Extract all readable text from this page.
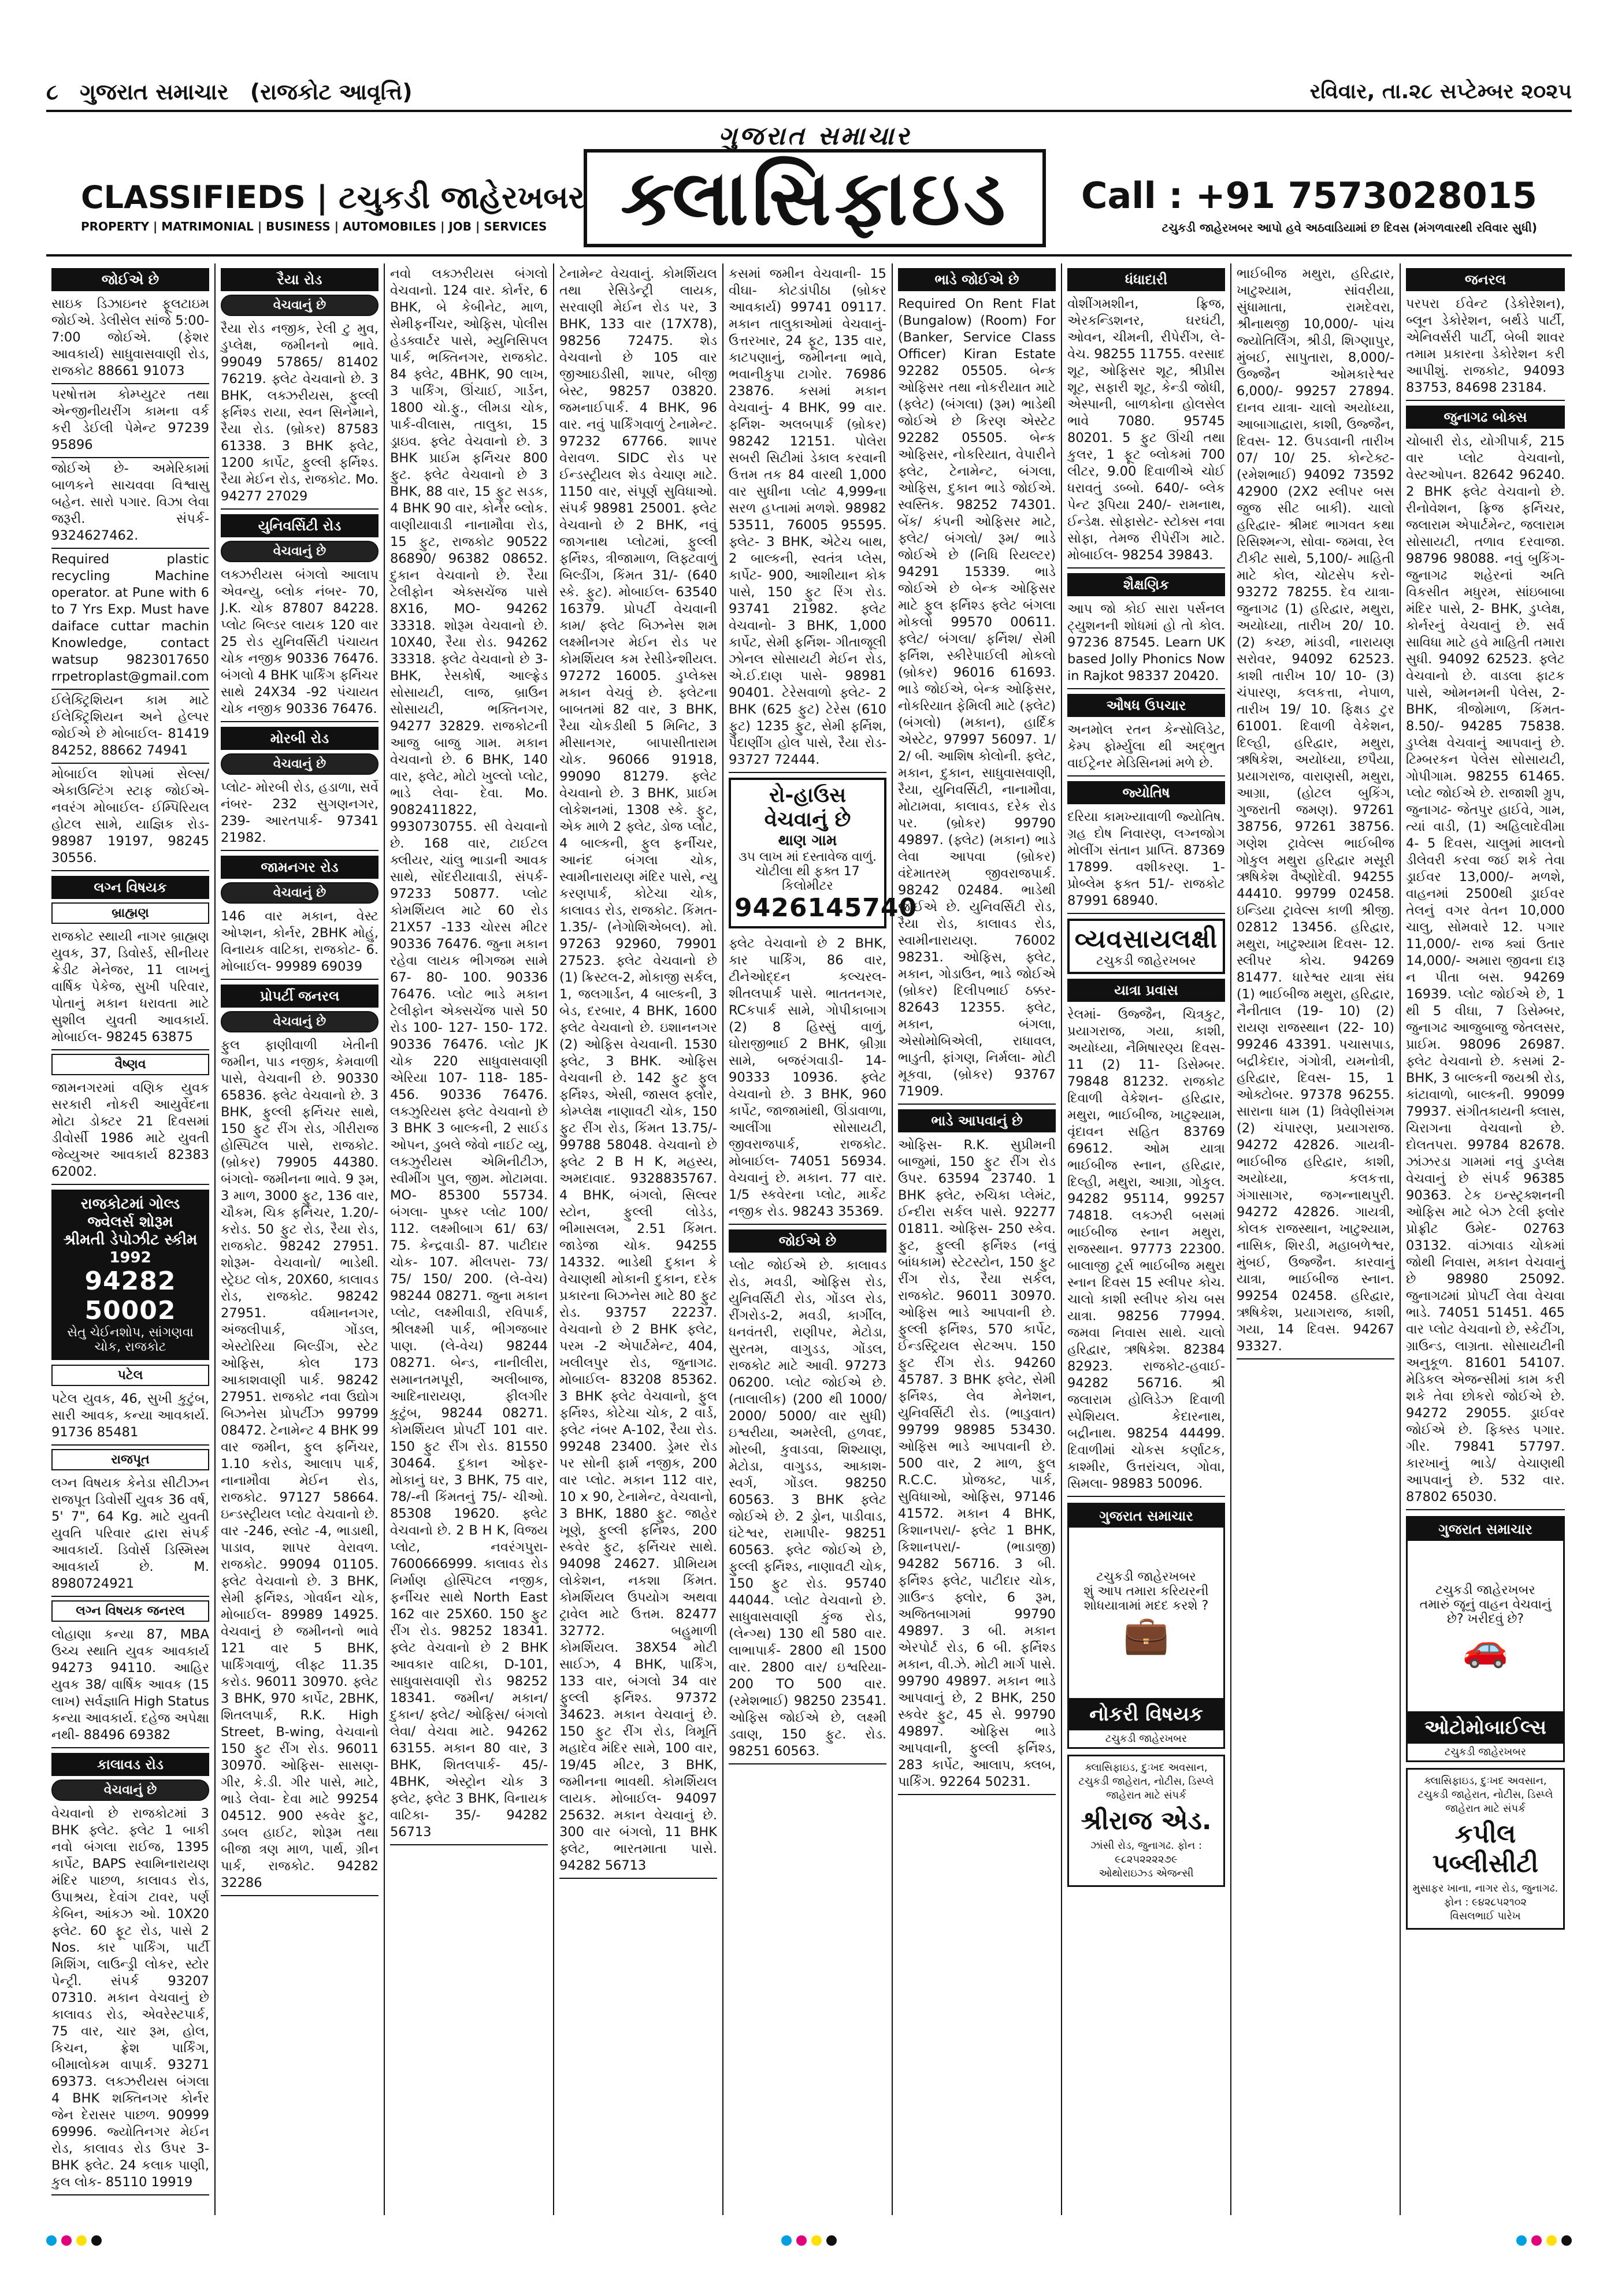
૮ ગુજરાત સમાચાર (રાજકોટ આવૃત્તિ)	રવિવાર, તા.૨૮ સપ્ટેમ્બર ૨૦૨૫
ગુજરાત સમાચાર
ક્લાસિફાઇડ
CLASSIFIEDS | ટચુકડી જાહેરખબર
PROPERTY | MATRIMONIAL | BUSINESS | AUTOMOBILES | JOB | SERVICES
Call : +91 7573028015
ટચુકડી જાહેરખબર આપો હવે અઠવાડિયામાં છ દિવસ (મંગળવારથી રવિવાર સુધી)
જોઈએ છે

સાઇક ડિઝાઇનર ફૂલટાઇમ જોઈએ. ડેલીસેલ સાંજે 5:00-7:00 જોઈએ. (ફેશર આવકાર્ય) સાધુવાસવાણી રોડ, રાજકોટ 88661 91073

પરષોત્તમ કોમ્પ્યુટર તથા એન્જીનીયરીંગ કામના વર્ક કરી ડેઈલી પેમેન્ટ 97239 95896

જોઈએ છે- અમેરિકામાં બાળકને સાચવવા વિશ્વાસુ બહેન. સારો પગાર. વિઝા લેવા જરૂરી. સંપર્ક- 9324627462.

Required plastic recycling Machine operator. at Pune with 6 to 7 Yrs Exp. Must have daiface cuttar machin Knowledge, contact watsup 9823017650 rrpetroplast@gmail.com

ઈલેક્ટ્રિશિયન કામ માટે ઈલેક્ટ્રિશિયન અને હેલ્પર જોઈએ છે મોબાઈલ- 81419 84252, 88662 74941

મોબાઈલ શોપમાં સેલ્સ/એકાઉન્ટિંગ સ્ટાફ જોઈએ- નવરંગ મોબાઈલ- ઈમ્પિરિયલ હોટલ સામે, યાજ્ઞિક રોડ- 98987 19197, 98245 30556.

લગ્ન વિષયક
બ્રાહ્મણ

રાજકોટ સ્થાયી નાગર બ્રાહ્મણ યુવક, 37, ડિવોર્સ્ડ, સીનીયર ક્રેડીટ મેનેજર, 11 લાખનું વાર્ષિક પેકેજ, સુખી પરિવાર, પોતાનું મકાન ધરાવતા માટે સુશીલ યુવતી આવકાર્ય. મોબાઈલ- 98245 63875

વૈષ્ણવ

જામનગરમાં વણિક યુવક સરકારી નોકરી આયુર્વેદના મોટા ડોક્ટર 21 દિવસમાં ડીવોર્સી 1986 માટે યુવતી જેવ્યુઅર આવકાર્ય 82383 62002.

રાજકોટમાં ગોલ્ડ જ્વેલર્સ શોરૂમ
શ્રીમતી ડેપોઝીટ સ્કીમ 1992
94282 50002
સેતુ ચેઈનશોપ, સાંગણવા ચોક, રાજકોટ
પટેલ

પટેલ યુવક, 46, સુખી કુટુંબ, સારી આવક, કન્યા આવકાર્ય. 91736 85481

રાજપૂત

લગ્ન વિષયક કેનેડા સીટીઝન રાજપૂત ડિવોર્સી યુવક 36 વર્ષ, 5' 7", 64 Kg. માટે યુવતી યુવતિ પરિવાર દ્વારા સંપર્ક આવકાર્ય. ડિવોર્સ ડિસ્મિસ્મ આવકાર્ય છે. M. 8980724921

લગ્ન વિષયક જનરલ

લોહાણા કન્યા 87, MBA ઉચ્ચ સ્થાતિ યુવક આવકાર્ય 94273 94110. આહિર યુવક 38/ વાર્ષિક આવક (15 લાખ) સર્વજ્ઞાતિ High Status કન્યા આવકાર્ય. દહેજ અપેક્ષા નથી- 88496 69382

કાલાવડ રોડ
વેચવાનું છે

વેચવાનો છે રાજકોટમાં 3 BHK ફ્લેટ. ફ્લેટ 1 બાકી નવો બંગલા રાઈજ, 1395 કાર્પેટ, BAPS સ્વામિનારાયણ મંદિર પાછળ, કાલાવડ રોડ, ઉપાશ્રય, દેવાંગ ટાવર, પર્ણ કેબિન, આંકઝ ઓ. 10X20 ફ્લેટ. 60 ફૂટ રોડ, પાસે 2 Nos. કાર પાર્કિંગ, પાર્ટી મિશિંગ, લાઉન્ડ્રી લોકર, સ્ટોર પેન્ટ્રી. સંપર્ક 93207 07310. મકાન વેચવાનું છે કાલાવડ રોડ, એવરેસ્ટપાર્ક, 75 વાર, ચાર રૂમ, હોલ, કિચન, ફ્રેશ પાર્કિંગ, બીમાલોકમ વાપાર્ક. 93271 69373. લક્ઝરીયસ બંગલા 4 BHK શક્તિનગર કોર્નર જેન દેરાસર પાછળ. 90999 69996. જ્યોતિનગર મેઈન રોડ, કાલાવડ રોડ ઉપર 3- BHK ફ્લેટ. 24 કલાક પાણી, કુલ લોક- 85110 19919

રૈયા રોડ
વેચવાનું છે

રૈયા રોડ નજીક, રેલી ટુ મુવ, ડુપ્લેક્ષ, જમીનનો ભાવે. 99049 57865/ 81402 76219. ફ્લેટ વેચવાનો છે. 3 BHK, લક્ઝરીયસ, ફુલ્લી ફર્નિશ્ડ રાયા, સ્વન સિનેમાને, રૈયા રોડ. (બ્રોકર) 87583 61338. 3 BHK ફ્લેટ, 1200 કાર્પેટ, ફુલ્લી ફર્નિશ્ડ. રૈયા મેઈન રોડ, રાજકોટ. Mo. 94277 27029

યુનિવર્સિટી રોડ
વેચવાનું છે

લક્ઝરીયસ બંગલો આલાપ એવન્યુ, બ્લોક નંબર- 70, J.K. ચોક 87807 84228. પ્લોટ બિલ્ડર લાયક 120 વાર 25 રોડ યુનિવર્સિટી પંચાયત ચોક નજીક 90336 76476. બંગલો 4 BHK પાર્કિંગ ફર્નિચર સાથે 24X34 -92 પંચાયત ચોક નજીક 90336 76476.

મોરબી રોડ
વેચવાનું છે

પ્લોટ- મોરબી રોડ, હડાળા, સર્વે નંબર- 232 સુગણનગર, 239- આરતપાર્ક- 97341 21982.

જામનગર રોડ
વેચવાનું છે

146 વાર મકાન, વેસ્ટ ઓપ્શન, કોર્નર, 2BHK મોહું, વિનાયક વાટિકા, રાજકોટ- 6. મોબાઈલ- 99989 69039

પ્રોપર્ટી જનરલ
વેચવાનું છે

ફુલ ફાણીવાળી ખેતીની જમીન, પાડ નજીક, કેમવાળી પાસે, વેચવાની છે. 90330 65836. ફ્લેટ વેચવાનો છે. 3 BHK, ફુલ્લી ફર્નિચર સાથે, 150 ફુટ રીંગ રોડ, ગીરીરાજ હોસ્પિટલ પાસે, રાજકોટ. (બ્રોકર) 79905 44380. બંગલો- જમીનના ભાવે. 9 રૂમ, 3 માળ, 3000 ફુટ, 136 વાર, ચૌકમ, ચિક ફર્નિચર, 1.20/- કરોડ. 50 ફુટ રોડ, રૈયા રોડ, રાજકોટ. 98242 27951. શોરૂમ- વેચવાનો/ ભાડેથી. સ્ટ્રેઇટ લોક, 20X60, કાલાવડ રોડ, રાજકોટ. 98242 27951. વર્ધમાનનગર, અંજલીપાર્ક, ગોંડલ, એસ્ટોરિયા બિલ્ડીંગ, સ્ટેટ ઓફિસ, કોલ 173 આકાશવાણી પાર્ક. 98242 27951. રાજકોટ નવા ઉદ્યોગ બિઝનેસ પ્રોપર્ટીઝ 99799 08472. ટેનામેન્ટ 4 BHK 99 વાર જમીન, ફુલ ફર્નિચર, 1.10 કરોડ, આલાપ પાર્ક, નાનામૌવા મેઈન રોડ, રાજકોટ. 97127 58664. ઇન્ડસ્ટ્રીયલ પ્લોટ વેચવાનો છે. વાર -246, સ્લોટ -4, ભાડાથી, પાડાવ, શાપર વેરાવળ. રાજકોટ. 99094 01105. ફ્લેટ વેચવાનો છે. 3 BHK, સેમી ફર્નિશ્ડ, ગોવર્ધન ચોક, મોબાઈલ- 89989 14925. વેચવાનું છે જમીનનો ભાવે 121 વાર 5 BHK, પાર્કિંગવાળું, લીફ્ટ 11.35 કરોડ. 96011 30970. ફ્લેટ 3 BHK, 970 કાર્પેટ, 2BHK, શિતલપાર્ક, R.K. High Street, B-wing, વેચવાનો 150 ફુટ રીંગ રોડ. 96011 30970. ઓફિસ- સાસણ- ગીર, કે.ડી. ગીર પાસે, માટે, ભાડે લેવા- દેવા માટે 99254 04512. 900 સ્કવેર ફુટ, ડબલ હાઈટ, શોરૂમ તથા બીજા ત્રણ માળ, પાર્થ, ગ્રીન પાર્ક, રાજકોટ. 94282 32286

નવો લક્ઝરીયસ બંગલો વેચવાનો. 124 વાર. કોર્નર, 6 BHK, બે કેબીનેટ, માળ, સેમીફર્નીચર, ઓફિસ, પોલીસ હેડક્વાર્ટર પાસે, મ્યુનિસિપલ પાર્ક, ભક્તિનગર, રાજકોટ. 84 ફ્લેટ, 4BHK, 90 લાખ, 3 પાર્કિંગ, ઊંચાઈ, ગાર્ડન, 1800 ચો.ફુ., લીમડા ચોક, પાર્ક-વીલાસ, તાલુકા, 15 ડ્રાઇવ. ફ્લેટ વેચવાનો છે. 3 BHK પ્રાઈમ ફર્નિચર 800 ફુટ. ફ્લેટ વેચવાનો છે 3 BHK, 88 વાર, 15 ફુટ સડક, 4 BHK 90 વાર, કોર્નર બ્લોક. વાણીયાવાડી નાનામૌવા રોડ, 15 ફુટ, રાજકોટ 90522 86890/ 96382 08652. દુકાન વેચવાનો છે. રૈયા ટેલીફોન એક્સચેંજ પાસે 8X16, MO- 94262 33318. શોરૂમ વેચવાનો છે. 10X40, રૈયા રોડ. 94262 33318. ફ્લેટ વેચવાનો છે 3- BHK, રેસકોર્ષ, આલ્ફ્રેડ સોસાયટી, લાજ, બ્રાઉન સોસાયટી, ભક્તિનગર, 94277 32829. રાજકોટની આજુ બાજુ ગામ. મકાન વેચવાનો છે. 6 BHK, 140 વાર, ફ્લેટ, મોટો ખુલ્લો પ્લોટ, ભાડે લેવા- દેવા. Mo. 9082411822, 9930730755. સી વેચવાનો છે. 168 વાર, ટાઈટલ ક્લીયર, ચાંલુ ભાડાની આવક સાથે, સોંદરીયાવાડી, સંપર્ક- 97233 50877. પ્લોટ કોમર્શિયલ માટે 60 રોડ 21X57 -133 ચોરસ મીટર 90336 76476. જુના મકાન રહેવા લાયક ભીગજમ સામે 67- 80- 100. 90336 76476. પ્લોટ ભાડે મકાન ટેલીફોન એક્સચેંજ પાસે 50 રોડ 100- 127- 150- 172. 90336 76476. પ્લોટ JK ચોક 220 સાધુવાસવાણી એરિયા 107- 118- 185- 456. 90336 76476. લક્ઝુરિયસ ફ્લેટ વેચવાનો છે 3 BHK 3 બાલ્કની, 2 સાઈડ ઓપન, ડુબલે જેવો નાઈટ વ્યુ, લક્ઝુરીયસ એમિનીટીઝ, સ્વીમીંગ પુલ, જીમ. મોટામવા. MO- 85300 55734. બંગલા- પુષ્કર પ્લોટ 100/ 112. લક્ષ્મીબાગ 61/ 63/ 75. કેન્દ્રવાડી- 87. પાટીદાર ચોક- 107. મીલપરા- 73/ 75/ 150/ 200. (લે-વેચ) 98244 08271. જુના મકાન પ્લોટ, લક્ષ્મીવાડી, રવિપાર્ક, શ્રીલક્ષ્મી પાર્ક, ભીગજબાર પાણ. (લે-વેચ) 98244 08271. બેન્ડ, નાનીલીરા, સમાનતમપૂરી, અલીબાજ, આદિનારાયણ, ફીલગીર કુટુંબ, 98244 08271. કોમર્શિયલ પ્રોપર્ટી 101 વાર. 150 ફુટ રીંગ રોડ. 81550 30464. દુકાન ઓફર- મોકાનું ઘર, 3 BHK, 75 વાર, 78/-ની કિંમતનું 75/- ચીઓ. 85308 19620. ફ્લેટ વેચવાનો છે. 2 B H K, વિજય પ્લોટ, નવરંગપુરા- 7600666999. કાલાવડ રોડ નિર્માણ હોસ્પિટલ નજીક, ફર્નીચર સાથે North East 162 વાર 25X60. 150 ફુટ રીંગ રોડ. 98252 18341. ફ્લેટ વેચવાનો છે 2 BHK આવકાર વાટિકા, D-101, સાધુવાસવાણી રોડ 98252 18341. જમીન/ મકાન/ દુકાન/ ફ્લેટ/ ઓફિસ/ બંગલો લેવા/ વેચવા માટે. 94262 63155. મકાન 80 વાર, 3 BHK, શિતલપાર્ક- 45/- 4BHK, એસ્ટ્રોન ચોક 3 ફ્લેટ, ફ્લેટ 3 BHK, વિનાયક વાટિકા- 35/- 94282 56713

ટેનામેન્ટ વેચવાનું. કોમર્શિયલ તથા રેસિડેન્ટ્રી લાયક, સરવાણી મેઈન રોડ પર, 3 BHK, 133 વાર (17X78), 98256 72475. શેડ વેચવાનો છે 105 વાર જીઆઇડીસી, શાપર, બીજી બેસ્ટ, 98257 03820. જમનાઈપાર્ક. 4 BHK, 96 વાર. નવું પાર્કિંગવાળું ટેનામેન્ટ. 97232 67766. શાપર વેરાવળ. SIDC રોડ પર ઈન્ડસ્ટ્રીયલ શેડ વેચાણ માટે. 1150 વાર, સંપૂર્ણ સુવિધાઓ. સંપર્ક 98981 25001. ફ્લેટ વેચવાનો છે 2 BHK, નવું જાગનાથ પ્લોટમાં, ફુલ્લી ફર્નિશ્ડ, ત્રીજામાળ, લિફ્ટવાળું બિલ્ડીંગ, કિંમત 31/- (640 સ્કે. ફુટ). મોબાઈલ- 63540 16379. પ્રોપર્ટી વેચવાની કામ/ ફ્લેટ બિઝનેસ શમ લક્ષ્મીનગર મેઈન રોડ પર કોમર્શિયલ કમ રેસીડેન્શીયલ. 97272 16005. ડુપ્લેક્સ મકાન વેચવું છે. ફ્લેટના બાબતમાં 82 વાર, 3 BHK, રૈયા ચોકડીથી 5 મિનિટ, 3 મીસાનગર, બાપાસીતારામ ચોક. 96066 91918, 99090 81279. ફ્લેટ વેચવાનો છે. 3 BHK, પ્રાઈમ લોકેશનમાં, 1308 સ્કે. ફુટ, એક માળે 2 ફ્લેટ, ડોજ પ્લોટ, 4 બાલ્કની, ફુલ ફર્નીચર, આનંદ બંગલા ચોક, સ્વામીનારાયણ મંદિર પાસે, ન્યુ કરણપાર્ક, કોટેચા ચોક, કાલાવડ રોડ, રાજકોટ. કિંમત- 1.35/- (નેગોશિએબલ). મો. 97263 92960, 79901 27523. ફ્લેટ વેચવાનો છે (1) ક્રિસ્ટલ-2, મોકાજી સર્કલ, 1, જલગાર્ડન, 4 બાલ્કની, 3 બેડ, દરબાર, 4 BHK, 1600 ફ્લેટ વેચવાનો છે. ઇશાનનગર (2) ઓફિસ વેચવાની. 1530 ફ્લેટ, 3 BHK. ઓફિસ વેચવાની છે. 142 ફુટ ફુલ ફર્નિશ્ડ, એસી, જાસલ ફ્લોર, કોમ્પ્લેક્ષ નાણાવટી ચોક, 150 ફુટ રીંગ રોડ, કિંમત 13.75/- 99788 58048. વેચવાનો છે ફ્લેટ 2 B H K, મહસ્ય, અમદાવાદ. 9328835767. 4 BHK, બંગલો, સિલ્વર સ્ટોન, ફુલ્લી લોડેડ, ભીમાસલમ, 2.51 કિંમત. જાડેજા ચોક. 94255 14332. ભાડેથી દુકાન કે વેચાણથી મોકાની દુકાન, દરેક પ્રકારના બિઝનેસ માટે 80 ફુટ રોડ. 93757 22237. વેચવાનો છે 2 BHK ફ્લેટ, પરમ -2 એપાર્ટમેન્ટ, 404, ખલીલપુર રોડ, જુનાગઢ. મોબાઈલ- 83208 85362. 3 BHK ફ્લેટ વેચવાનો, ફુલ ફર્નિશ્ડ, કોટેચા ચોક, 2 વાર્ડ, ફ્લેટ નંબર A-102, રૈયા રોડ. 99248 23400. ડ્રેમર રોડ પર સોની ફાર્મ નજીક, 200 વાર પ્લોટ. મકાન 112 વાર, 10 x 90, ટેનામેન્ટ, વેચવાનો, 3 BHK, 1880 ફુટ. જાહેર ખૂણે, ફુલ્લી ફર્નિશ્ડ, 200 સ્કવેર ફુટ, ફર્નિચર સાથે. 94098 24627. પ્રીમિયમ લોકેશન, નકશા કિંમત. કોમર્શિયલ ઉપયોગ અથવા ટ્રાવેલ માટે ઉત્તમ. 82477 32772. બહુમાળી કોમર્શિયલ. 38X54 મોટી સાઈઝ, 4 BHK, પાર્કિંગ, 133 વાર, બંગલો 34 વાર ફુલ્લી ફર્નિશ્ડ. 97372 34623. મકાન વેચવાનું છે. 150 ફુટ રીંગ રોડ, ત્રિમૂર્તિ મહાદેવ મંદિર સામે, 100 વાર, 19/45 મીટર, 3 BHK, જમીનના ભાવથી. કોમર્શિયલ લાયક. મોબાઈલ- 94097 25632. મકાન વેચવાનું છે. 300 વાર બંગલો, 11 BHK ફ્લેટ, ભારતમાતા પાસે. 94282 56713

કસમાં જમીન વેચવાની- 15 વીઘા- કોટડાંપીઠા (બ્રોકર આવકાર્ય) 99741 09117. મકાન તાલુકાઓમાં વેચવાનું- ઉત્તરખાર, 24 ફૂટ, 135 વાર, કાટપણાનું, જમીનના ભાવે, ભવાનીકુપા ટાગોર. 76986 23876. કસમાં મકાન વેચવાનું- 4 BHK, 99 વાર. ફર્નિશ- અલબપાર્ક (બ્રોકર) 98242 12151. પોલેરા સબરી સિટીમાં ડેકાલ કરવાની ઉત્તમ તક 84 વારથી 1,000 વાર સુધીના પ્લોટ 4,999ના સરળ હપ્તામાં મળશે. 98982 53511, 76005 95595. ફ્લેટ- 3 BHK, એટેચ બાથ, 2 બાલ્કની, સ્વતંત્ર પ્લેસ, કાર્પેટ- 900, આશીયાન કોક પાસે, 150 ફુટ રિંગ રોડ. 93741 21982. ફ્લેટ વેચવાનો- 3 BHK, 1,000 કાર્પેટ, સેમી ફર્નિશ- ગીતાજૂલી ઝોનલ સોસાયટી મેઈન રોડ, એ.ઈ.દાણ પાસે- 98981 90401. ટેરેસવાળો ફ્લેટ- 2 BHK (625 ફુટ) ટેરેસ (610 ફુટ) 1235 ફુટ, સેમી ફર્નિશ, પૈદાણીંગ હોલ પાસે, રૈયા રોડ- 93727 72444.

રો-હાઉસ વેચવાનું છે
થાણ ગામ
૩૫ લાખ માં દસ્તાવેજ વાળું. ચોટીલા થી ફક્ત 17 કિલોમીટર
9426145740

ફ્લેટ વેચવાનો છે 2 BHK, કાર પાર્કિંગ, 86 વાર, ટીનેઓદ્દન કલ્ચરલ- શીતલપાર્ક પાસે. ભાતતનગર, RCકપાર્ક સામે, ગોપીકાબાગ (2) 8 હિસ્સું વાળું, ઘોરાજીભાઈ 2 BHK, બ્રીગ્રા સામે, બજરંગવાડી- 14- 90333 10936. ફ્લેટ વેચવાનો છે. 3 BHK, 960 કાર્પેટ, જાજામાંથી, ઊંડાવાળા, આલીંગા સોસાયટી, જીવરાજપાર્ક, રાજકોટ. મોબાઈલ- 74051 56934. વેચવાનું છે. મકાન. 77 વાર. 1/5 સ્કવેરના પ્લોટ, માર્કેટ નજીક રોડ. 98243 35369.

જોઈએ છે

પ્લોટ જોઈએ છે. કાલાવડ રોડ, મવડી, ઓફિસ રોડ, યુનિવર્સિટી રોડ, ગોંડલ રોડ, રીંગરોડ-2, મવડી, કાર્ગીલ, ધનવંતરી, રાણીપર, મેટોડા, સુરતમ, વાગુડડ, ગોંડલ, રાજકોટ માટે આવી. 97273 06200. પ્લોટ જોઈએ છે. (તાલાલીક) (200 થી 1000/ 2000/ 5000/ વાર સુધી) ઇશ્વરીયા, અમરેલી, હળવદ, મોરબી, કુવાડવા, શિશ્યાણ, મેટોડા, વાગુડડ, આકાશ- સ્વર્ગ, ગોંડલ. 98250 60563. 3 BHK ફ્લેટ જોઈએ છે. 2 ડ્રોન, પાડીવાડ, ઘંટેશ્વર, રામાપીર- 98251 60563. ફ્લેટ જોઈએ છે, ફુલ્લી ફર્નિશ્ડ, નાણાવટી ચોક, 150 ફુટ રોડ. 95740 44044. પ્લોટ વેચવાનો છે. સાધુવાસવાણી કુંજ રોડ, (લેન્ગ્થ) 130 થી 580 વાર. લાભાપાર્ક- 2800 થી 1500 વાર. 2800 વાર/ ઇશ્વરિયા- 200 TO 500 વાર. (રમેશભાઈ) 98250 23541. ઓફિસ જોઈએ છે, લક્ષ્મી ડવાણ, 150 ફુટ. રોડ. 98251 60563.

ભાડે જોઈએ છે

Required On Rent Flat (Bungalow) (Room) For (Banker, Service Class Officer) Kiran Estate 92282 05505. બેન્ક ઓફિસર તથા નોકરીયાત માટે (ફ્લેટ) (બંગલા) (રૂમ) ભાડેથી જોઈએ છે કિરણ એસ્ટેટ 92282 05505. બેન્ક ઓફિસર, નોકરિયાત, વેપારીને ફ્લેટ, ટેનામેન્ટ, બંગલા, ઓફિસ, દુકાન ભાડે જોઈએ. સ્વસ્તિક. 98252 74301. બેંક/ કંપની ઓફિસર માટે, ફ્લેટ/ બંગલો/ રૂમ/ ભાડે જોઈએ છે (નિધિ રિયલ્ટર) 94291 15339. ભાડે જોઈએ છે બેન્ક ઓફિસર માટે ફુલ ફર્નિશ્ડ ફ્લેટ બંગલા મોકલો 99570 00611. ફ્લેટ/ બંગલા/ ફર્નિશ/ સેમી ફર્નિશ, સ્કીરેપાઈલી મોકલો (બ્રોકર) 96016 61693. ભાડે જોઈએ, બેન્ક ઓફિસર, નોકરિયાત ફેમિલી માટે (ફ્લેટ) (બંગલો) (મકાન), હાર્દિક એસ્ટેટ, 97997 56097. 1/ 2/ બી. આશિષ કોલોની. ફ્લેટ, મકાન, દુકાન, સાધુવાસવાણી, રૈયા, યુનિવર્સિટી, નાનામૌવા, મોટામવા, કાલાવડ, દરેક રોડ પર. (બ્રોકર) 99790 49897. (ફ્લેટ) (મકાન) ભાડે લેવા આપવા (બ્રોકર) વંદેમાતરમ્ જીવરાજપાર્ક. 98242 02484. ભાડેથી જોઈએ છે. યુનિવર્સિટી રોડ, રૈયા રોડ, કાલાવડ રોડ, સ્વામીનારાયણ. 76002 98231. ઓફિસ, ફ્લેટ, મકાન, ગોડાઉન, ભાડે જોઈએ (બ્રોકર) દિલીપભાઈ ઠક્કર- 82643 12355. ફ્લેટ, મકાન, બંગલા, એસોમોબિએલી, રાધાવલ, ભાડુતી, ફાંગણ, નિર્મલા- મોટી મૂકવા, (બ્રોકર) 93767 71909.

ભાડે આપવાનું છે

ઓફિસ- R.K. સુપ્રીમની બાજુમાં, 150 ફુટ રીંગ રોડ ઉપર. 63594 23740. 1 BHK ફ્લેટ, રુચિકા પ્લેમંટ, ઈન્દીરા સર્કલ પાસે. 92277 01811. ઓફિસ- 250 સ્કેવ. ફુટ, ફુલ્લી ફર્નિશ્ડ (નવું બાંધકામ) સ્ટેટસ્ટોન, 150 ફુટ રીંગ રોડ, રૈયા સર્કલ, રાજકોટ. 96011 30970. ઓફિસ ભાડે આપવાની છે. ફુલ્લી ફર્નિશ્ડ, 570 કાર્પેટ, ઈન્ડસ્ટ્રિયલ સેટઅપ. 150 ફુટ રીંગ રોડ. 94260 45787. 3 BHK ફ્લેટ, સેમી ફર્નિશ્ડ, લેવ મેનેશન, યુનિવર્સિટી રોડ. (ભાડુવાત) 99799 98985 53430. ઓફિસ ભાડે આપવાની છે. 500 વાર, 2 માળ, ફુલ R.C.C. પ્રોજક્ટ, પાર્ક, સુવિધાઓ, ઓફિસ, 97146 41572. મકાન 4 BHK, કિશાનપરા/- ફ્લેટ 1 BHK, કિશાનપરા/- (ભાડાજી) 94282 56716. 3 બી. ફર્નિશ્ડ ફ્લેટ, પાટીદાર ચોક, ગ્રાઉન્ડ ફ્લોર, 6 રૂમ, અજિતબાગમાં 99790 49897. 3 બી. મકાન એરપોર્ટ રોડ, 6 બી. ફર્નિશ્ડ મકાન, વી.ઝે. મોટી માર્ગ પાસે. 99790 49897. મકાન ભાડે આપવાનું છે, 2 BHK, 250 સ્કવેર ફુટ, 45 સે. 99790 49897. ઓફિસ ભાડે આપવાની, ફુલ્લી ફર્નિશ્ડ, 283 કાર્પેટ, આલાપ, ક્લબ, પાર્કિંગ. 92264 50231.

ધંધાદારી

વોશીંગમશીન, ફ્રિજ, એરકન્ડિશનર, ઘરઘંટી, ઓવન, ચીમની, રીપેરીંગ, લે-વેચ. 98255 11755. વરસાદ શૂટ, ઓફિસર શૂટ, શ્રીપ્રીસ શૂટ, સફારી શૂટ, કેન્ડી જોધી, એસ્પાની, બાળકોના હોલસેલ ભાવે 7080. 95745 80201. 5 ફુટ ઊંચી તથા કુલર, 1 ફૂટ બ્લોકમાં 700 લીટર, 9.00 દિવાળીએ ચોઈ ધરાવતું ડબ્બો. 640/- બ્લેક પેન્ટ રૂપિયા 240/- રામનાથ, ઈન્ડેક્ષ. સોફાસેટ- સ્ટોક્સ નવા સોફા, તેમજ રીપેરીંગ માટે. મોબાઈલ- 98254 39843.

શૈક્ષણિક

આપ જો કોઈ સારા પર્સનલ ટ્યુશનની શોધમાં હો તો કોલ. 97236 87545. Learn UK based Jolly Phonics Now in Rajkot 98337 20420.

ઔષધ ઉપચાર

અનમોલ રતન કેન્સોલિડેટ, કેમ્પ ફોર્મ્યુલા થી અદ્ભુત વાઈટ્રેનર મેડિસિનમાં મળે છે.

જ્યોતિષ

દરિયા કામખ્યાવાળી જ્યોતિષ. ગ્રહ દોષ નિવારણ, લગ્નજોગ મોલીંગ સંતાન પ્રાપ્તિ. 87369 17899. વશીકરણ. 1- પ્રોબ્લેમ ફક્ત 51/- રાજકોટ 87991 68940.

વ્યવસાયલક્ષી
ટચુકડી જાહેરખબર
યાત્રા પ્રવાસ

રેલમાં- ઉજ્જૈન, ચિત્રકુટ, પ્રયાગરાજ, ગયા, કાશી, અયોધ્યા, નૈમિષારણ્ય દિવસ- 11 (2) 11- ડિસેમ્બર. 79848 81232. રાજકોટ દિવાળી વેકેશન- હરિદ્વાર, મથુરા, ભાઈબીજ, ખાટુશ્યામ, વૃંદાવન સહિત 83769 69612. ઓમ યાત્રા ભાઈબીજ સ્નાન, હરિદ્વાર, દિલ્હી, મથુરા, આગ્રા, ગોકુલ. 94282 95114, 99257 74818. લક્ઝરી બસમાં ભાઈબીજ સ્નાન મથુરા, રાજસ્થાન. 97773 22300. બાલાજી ટૂર્સ ભાઈબીજ મથુરા સ્નાન દિવસ 15 સ્લીપર કોચ. ચાલો કાશી સ્લીપર કોચ બસ યાત્રા. 98256 77994. જમવા નિવાસ સાથે. ચાલો હરિદ્વાર, ઋષિકેશ. 82384 82923. રાજકોટ-હવાઈ- 94282 56716. શ્રી જલારામ હોલિડેઝ દિવાળી સ્પેશિયલ. કેદારનાથ, બદ્રીનાથ. 98254 44499. દિવાળીમાં ચોકસ કર્ણાટક, કાશ્મીર, ઉત્તરાંચલ, ગોવા, સિમલા- 98983 50096.

ગુજરાત સમાચાર
ટચુકડી જાહેરખબર
શું આપ તમારા કરિયરની શોધયાત્રામાં મદદ કરશે ?
💼
નોકરી વિષયક
ટચુકડી જાહેરખબર
ક્લાસિફાઇડ, દુઃખદ અવસાન, ટચુકડી જાહેરાત, નોટીસ, ડિસ્પ્લે જાહેરાત માટે સંપર્ક
શ્રીરાજ એડ.
ઝાંસી રોડ, જુનાગઢ. ફોન : ૯૮૨૫૨૨૨૨૭૯
ઓથોરાઇઝ્ડ એજન્સી

ભાઈબીજ મથુરા, હરિદ્વાર, ખાટુશ્યામ, સાંવરીયા, સુંધામાતા, રામદેવરા, શ્રીનાથજી 10,000/- પાંચ જ્યોતિર્લિંગ, શ્રીડી, શિગ્ણાપુર, મુંબઈ, સાપુતારા, 8,000/- ઉજ્જૈન ઓમકારેશ્વર 6,000/- 99257 27894. દાનવ યાત્રા- ચાલો અયોધ્યા, આબાગાદ્વારા, કાશી, ઉજ્જૈન, દિવસ- 12. ઉપડવાની તારીખ 07/ 10/ 25. કોન્ટેક્ટ- (રમેશભાઈ) 94092 73592 42900 (2X2 સ્લીપર બસ જુજ સીટ બાકી). ચાલો હરિદ્વાર- શ્રીમદ ભાગવત કથા રિસિશ્મન્ગ, સોવા- જમવા, રેલ ટીકીટ સાથે, 5,100/- માહિતી માટે કોલ, ચોટસેપ કરો- 93272 78255. દેવ યાત્રા- જુનાગઢ (1) હરિદ્વાર, મથુરા, અયોધ્યા, તારીખ 20/ 10. (2) કચ્છ, માંડવી, નારાયણ સરોવર, 94092 62523. કાશી તારીખ 10/ 10- (3) ચંપારણ, કલકત્તા, નેપાળ, તારીખ 19/ 10. ફિક્ષડ ટુર 61001. દિવાળી વેકેશન, દિલ્હી, હરિદ્વાર, મથુરા, ઋષિકેશ, અયોધ્યા, છપૈયા, પ્રયાગરાજ, વારાણસી, મથુરા, આગ્રા, (હોટલ બુકિંગ, ગુજરાતી જમણ). 97261 38756, 97261 38756. ગણેશ ટ્રાવેલ્સ ભાઈબીજ ગોકુલ મથુરા હરિદ્વાર મસૂરી ઋષિકેશ વૈષ્ણોદેવી. 94255 44410. 99799 02458. ઇન્ડિયા ટ્રાવેલ્સ કાળી શ્રીજી. 02812 13456. હરિદ્વાર, મથુરા, ખાટુશ્યામ દિવસ- 12. સ્લીપર કોચ. 94269 81477. ધારેશ્વર યાત્રા સંઘ (1) ભાઈબીજ મથુરા, હરિદ્વાર, નૈનીતાલ (19- 10) (2) રાયણ રાજસ્થાન (22- 10) 99246 43391. પચાસપાડ, બદ્રીકેદાર, ગંગોત્રી, યમનોત્રી, હરિદ્વાર, દિવસ- 15, 1 ઓક્ટોબર. 97378 96255. સારાના ધામ (1) ત્રિવેણીસંગમ (2) ચંપારણ, પ્રયાગરાજ. 94272 42826. ગાયત્રી- ભાઈબીજ હરિદ્વાર, કાશી, અયોધ્યા, કલકત્તા, ગંગાસાગર, જગન્નાથપુરી. 94272 42826. ગાયત્રી, કોલક રાજસ્થાન, ખાટુશ્યામ, નાસિક, શિરડી, મહાબળેશ્વર, મુંબઈ, ઉજ્જૈન. કારવાનું યાત્રા, ભાઈબીજ સ્નાન. 99254 02458. હરિદ્વાર, ઋષિકેશ, પ્રયાગરાજ, કાશી, ગયા, 14 દિવસ. 94267 93327.

જનરલ

પરપરા ઈવેન્ટ (ડેકોરેશન), બ્લૂન ડેકોરેશન, બર્થડે પાર્ટી, એનિવર્સરી પાર્ટી, બેબી શાવર તમામ પ્રકારના ડેકોરેશન કરી આપીશું. રાજકોટ, 94093 83753, 84698 23184.

જુનાગઢ બોક્સ

ચોબારી રોડ, યોગીપાર્ક, 215 વાર પ્લોટ વેચવાનો, વેસ્ટઓપન. 82642 96240. 2 BHK ફ્લેટ વેચવાનો છે. રીનોવેશન, ફ્રિજ ફર્નિચર, જલારામ એપાર્ટમેન્ટ, જલારામ સોસાયટી, તળાવ દરવાજા. 98796 98088. નવું બુકિંગ- જુનાગઢ શહેરનાં અતિ વિકસીત મધુરમ, સાંઇબાબા મંદિર પાસે, 2- BHK, ડુપ્લેક્ષ, કોર્નરનું વેચવાનું છે. સર્વ સાવિધા માટે હવે માહિતી તમારા સુધી. 94092 62523. ફ્લેટ વેચવાનો છે. વાડલા ફાટક પાસે, ઓમનમની પેલેસ, 2- BHK, ત્રીજોમાળ, કિંમત- 8.50/- 94285 75838. ડુપ્લેક્ષ વેચવાનું આપવાનું છે. ટિમ્બરકન પેલેસ સોસાયટી, ગોપીગામ. 98255 61465. પ્લોટ જોઈએ છે. રાજાશી ગ્રુપ, જુનાગઢ- જેતપુર હાઈવે, ગામ, ત્યાં વાડી, (1) અહિલાદેવીમા 4- 5 દિવસ, ચાલુમાં માલનો ડીલેવરી કરવા જઈ શકે તેવા ડ્રાઈવર 13,000/- મળશે, વાહનમાં 2500થી ડ્રાઈવર તેલનું વગર વેતન 10,000 ચાલુ, સોમવારે 12. પગાર 11,000/- રાજ ક્યાં ઉતાર 14,000/- અમારા જીવના દારૂ ન પીતા બસ. 94269 16939. પ્લોટ જોઈએ છે, 1 થી 5 વીઘા, 7 ડિસેમ્બર, જુનાગઢ આજુબાજુ જેતલસર, પ્રાઈમ. 98096 26987. ફ્લેટ વેચવાનો છે. કસમાં 2- BHK, 3 બાલ્કની જયશ્રી રોડ, કાંટાવાળો, બાલ્કની. 99099 79937. સંગીતકાયની ક્લાસ, ચિરાગના વેચવાનો છે. દોલતપરા. 99784 82678. ઝાંઝરડા ગામમાં નવું ડુપ્લેક્ષ વેચવાનું છે સંપર્ક 96385 90363. ટેક ઇન્સ્ટ્રક્શનની ઓફિસ માટે બેઝ ટેલી ફ્લોર પ્રોફ્રીટ ઉમેદ- 02763 03132. વાંઝાવાડ ચોકમાં જોથી નિવાસ, મકાન વેચવાનું છે 98980 25092. જુનાગઢમાં પ્રોપર્ટી લેવા વેચવા ભાડે. 74051 51451. 465 વાર પ્લોટ વેચવાનો છે, સ્કેટીંગ, ગ્રાઉન્ડ, લાગ્રતા. સોસાયટીની અનુકૂળ. 81601 54107. મેડિકલ એજન્સીમાં કામ કરી શકે તેવા છોકરો જોઈએ છે. 94272 29055. ડ્રાઈવર જોઈએ છે. ફિક્સ્ડ પગાર. ગીર. 79841 57797. કારખાનું ભાડે/ વેચાણથી આપવાનું છે. 532 વાર. 87802 65030.

ગુજરાત સમાચાર
ટચુકડી જાહેરખબર
તમારું જૂનું વાહન વેચવાનું છે? ખરીદવું છે?
🚗
ઓટોમોબાઈલ્સ
ટચુકડી જાહેરખબર
ક્લાસિફાઇડ, દુઃખદ અવસાન, ટચુકડી જાહેરાત, નોટીસ, ડિસ્પ્લે જાહેરાત માટે સંપર્ક
કપીલ પબ્લીસીટી
મુસાફર ખાના, નાગર રોડ, જુનાગઢ. ફોન : ૯૪૨૮૫૨૧૦૨
વિસલભાઈ પારેખ
